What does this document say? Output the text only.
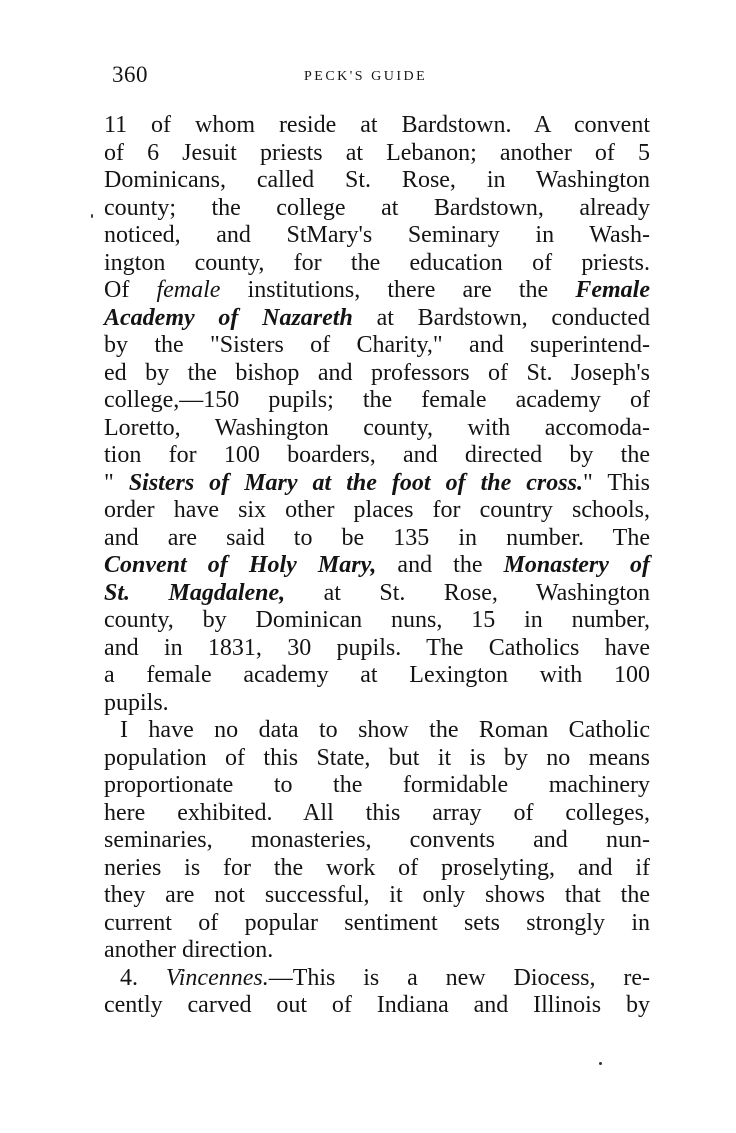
360	PECK'S GUIDE
11 of whom reside at Bardstown. A convent
of 6 Jesuit priests at Lebanon; another of 5
Dominicans, called St. Rose, in Washington
county; the college at Bardstown, already
noticed, and StMary's Seminary in Wash-
ington county, for the education of priests.
Of female institutions, there are the Female
Academy of Nazareth at Bardstown, conducted
by the "Sisters of Charity," and superintend-
ed by the bishop and professors of St. Joseph's
college,—150 pupils; the female academy of
Loretto, Washington county, with accomoda-
tion for 100 boarders, and directed by the
" Sisters of Mary at the foot of the cross." This
order have six other places for country schools,
and are said to be 135 in number. The
Convent of Holy Mary, and the Monastery of
St. Magdalene, at St. Rose, Washington
county, by Dominican nuns, 15 in number,
and in 1831, 30 pupils. The Catholics have
a female academy at Lexington with 100
pupils.
I have no data to show the Roman Catholic
population of this State, but it is by no means
proportionate to the formidable machinery
here exhibited. All this array of colleges,
seminaries, monasteries, convents and nun-
neries is for the work of proselyting, and if
they are not successful, it only shows that the
current of popular sentiment sets strongly in
another direction.
4. Vincennes.—This is a new Diocess, re-
cently carved out of Indiana and Illinois by
